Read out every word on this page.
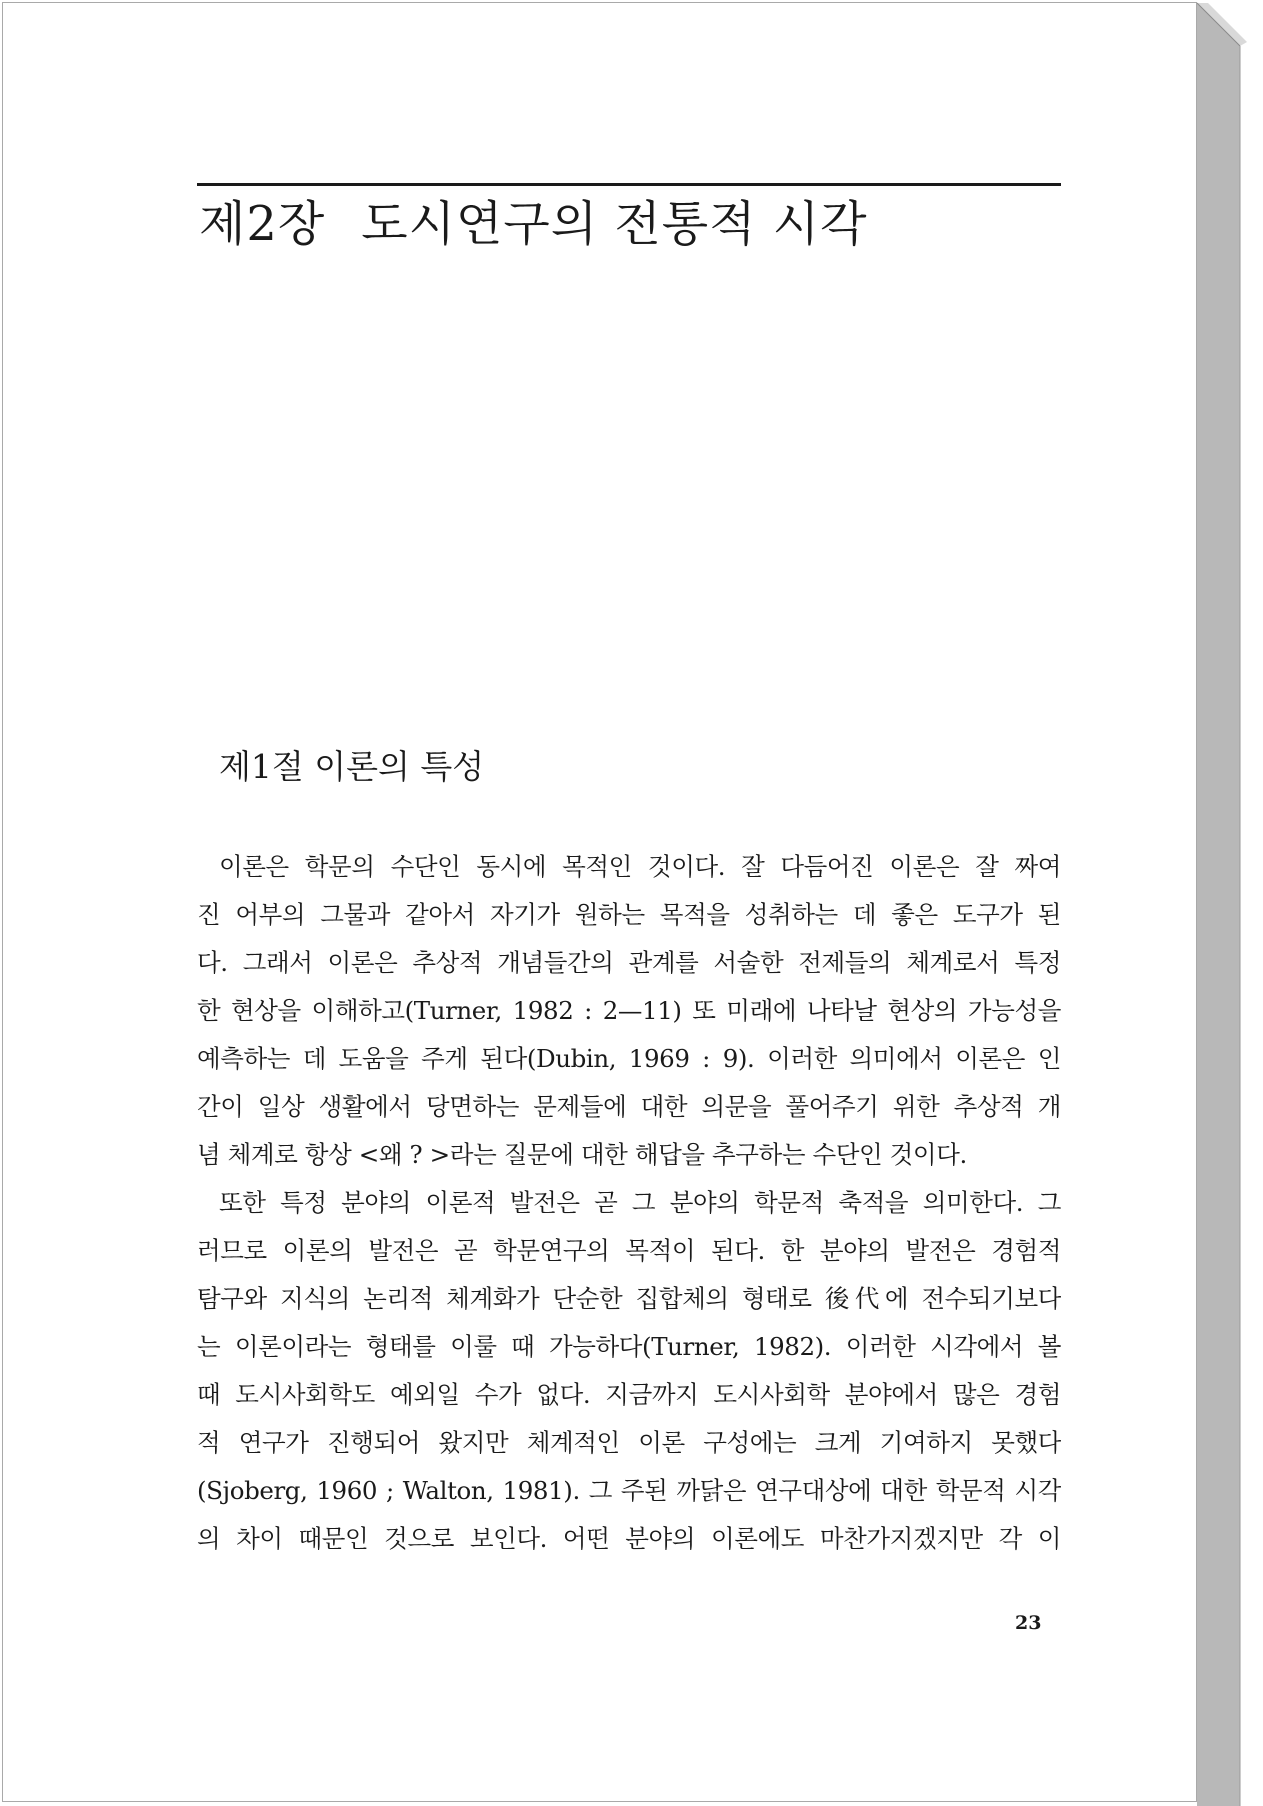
제2장 도시연구의 전통적 시각
제1절 이론의 특성
이론은 학문의 수단인 동시에 목적인 것이다. 잘 다듬어진 이론은 잘 짜여
진 어부의 그물과 같아서 자기가 원하는 목적을 성취하는 데 좋은 도구가 된
다. 그래서 이론은 추상적 개념들간의 관계를 서술한 전제들의 체계로서 특정
한 현상을 이해하고(Turner, 1982 : 2—11) 또 미래에 나타날 현상의 가능성을
예측하는 데 도움을 주게 된다(Dubin, 1969 : 9). 이러한 의미에서 이론은 인
간이 일상 생활에서 당면하는 문제들에 대한 의문을 풀어주기 위한 추상적 개
념 체계로 항상 <왜 ? >라는 질문에 대한 해답을 추구하는 수단인 것이다.
또한 특정 분야의 이론적 발전은 곧 그 분야의 학문적 축적을 의미한다. 그
러므로 이론의 발전은 곧 학문연구의 목적이 된다. 한 분야의 발전은 경험적
탐구와 지식의 논리적 체계화가 단순한 집합체의 형태로 後代에 전수되기보다
는 이론이라는 형태를 이룰 때 가능하다(Turner, 1982). 이러한 시각에서 볼
때 도시사회학도 예외일 수가 없다. 지금까지 도시사회학 분야에서 많은 경험
적 연구가 진행되어 왔지만 체계적인 이론 구성에는 크게 기여하지 못했다
(Sjoberg, 1960 ; Walton, 1981). 그 주된 까닭은 연구대상에 대한 학문적 시각
의 차이 때문인 것으로 보인다. 어떤 분야의 이론에도 마찬가지겠지만 각 이
23
